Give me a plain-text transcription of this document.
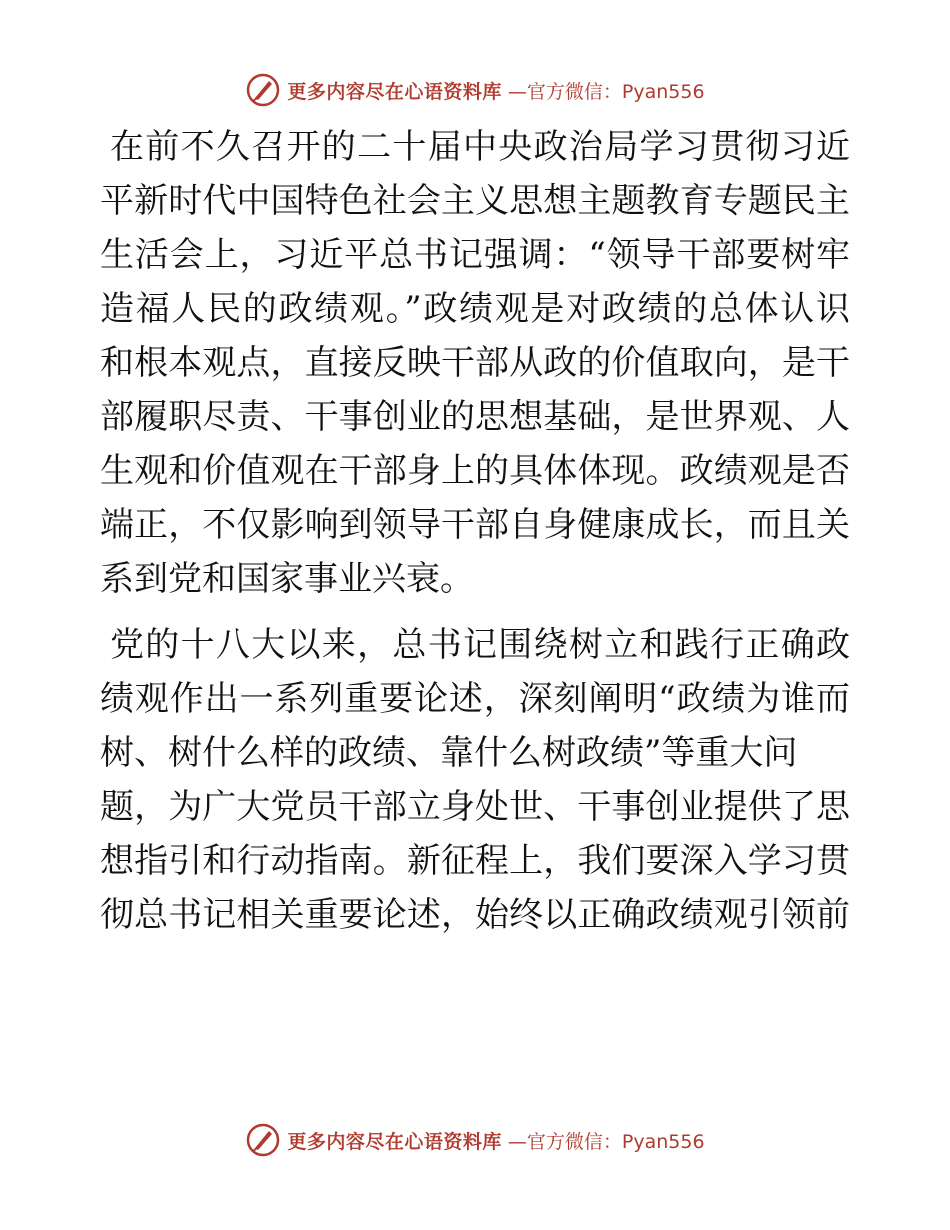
更多内容尽在心语资料库 —官方微信：Pyan556
在前不久召开的二十届中央政治局学习贯彻习近
平新时代中国特色社会主义思想主题教育专题民主
生活会上，习近平总书记强调：“领导干部要树牢
造福人民的政绩观。”政绩观是对政绩的总体认识
和根本观点，直接反映干部从政的价值取向，是干
部履职尽责、干事创业的思想基础，是世界观、人
生观和价值观在干部身上的具体体现。政绩观是否
端正，不仅影响到领导干部自身健康成长，而且关
系到党和国家事业兴衰。
党的十八大以来，总书记围绕树立和践行正确政
绩观作出一系列重要论述，深刻阐明“政绩为谁而
树、树什么样的政绩、靠什么树政绩”等重大问
题，为广大党员干部立身处世、干事创业提供了思
想指引和行动指南。新征程上，我们要深入学习贯
彻总书记相关重要论述，始终以正确政绩观引领前
更多内容尽在心语资料库 —官方微信：Pyan556
